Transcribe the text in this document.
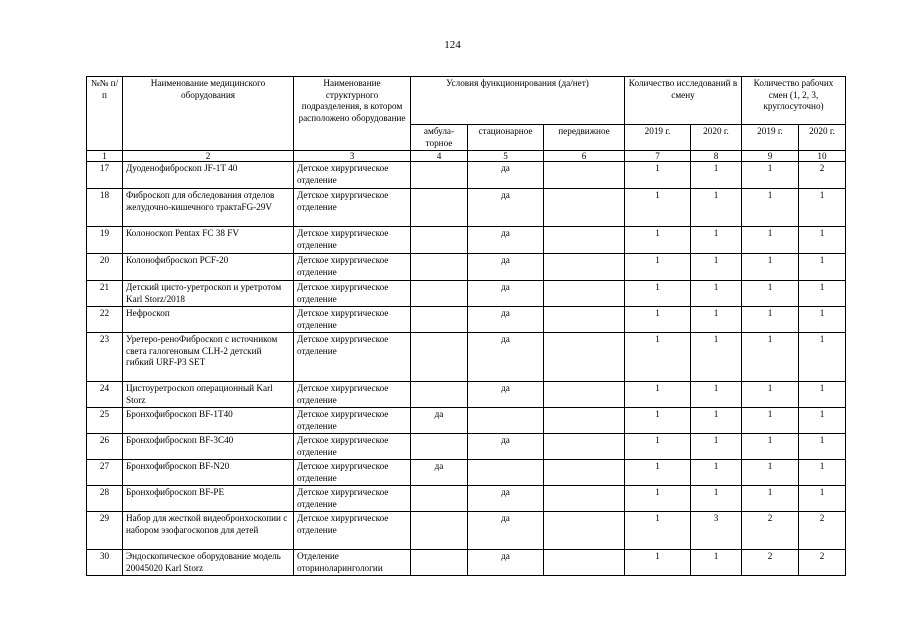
124
№№ п/п	Наименование медицинского оборудования	Наименование структурного подразделения, в котором расположено оборудование	Условия функционирования (да/нет)			Количество исследований в смену		Количество рабочих смен (1, 2, 3, круглосуточно)	
			амбула-торное	стационарное	передвижное	2019 г.	2020 г.	2019 г.	2020 г.
1	2	3	4	5	6	7	8	9	10
17	Дуоденофиброскоп JF-1T 40	Детское хирургическое отделение		да		1	1	1	2
18	Фиброскоп для обследования отделов желудочно-кишечного трактаFG-29V	Детское хирургическое отделение		да		1	1	1	1
19	Колоноскоп Pentax FC 38 FV	Детское хирургическое отделение		да		1	1	1	1
20	Колонофиброскоп PCF-20	Детское хирургическое отделение		да		1	1	1	1
21	Детский цисто-уретроскоп и уретротом Karl Storz/2018	Детское хирургическое отделение		да		1	1	1	1
22	Нефроскоп	Детское хирургическое отделение		да		1	1	1	1
23	Уретеро-реноФиброскоп с источником света галогеновым CLH-2 детский гибкий URF-P3 SET	Детское хирургическое отделение		да		1	1	1	1
24	Цистоуретроскоп операционный Karl Storz	Детское хирургическое отделение		да		1	1	1	1
25	Бронхофиброскоп BF-1T40	Детское хирургическое отделение	да			1	1	1	1
26	Бронхофиброскоп BF-3C40	Детское хирургическое отделение		да		1	1	1	1
27	Бронхофиброскоп BF-N20	Детское хирургическое отделение	да			1	1	1	1
28	Бронхофиброскоп BF-PE	Детское хирургическое отделение		да		1	1	1	1
29	Набор для жесткой видеобронхоскопии с набором эзофагоскопов для детей	Детское хирургическое отделение		да		1	3	2	2
30	Эндоскопическое оборудование модель 20045020 Karl Storz	Отделение оториноларингологии		да		1	1	2	2
